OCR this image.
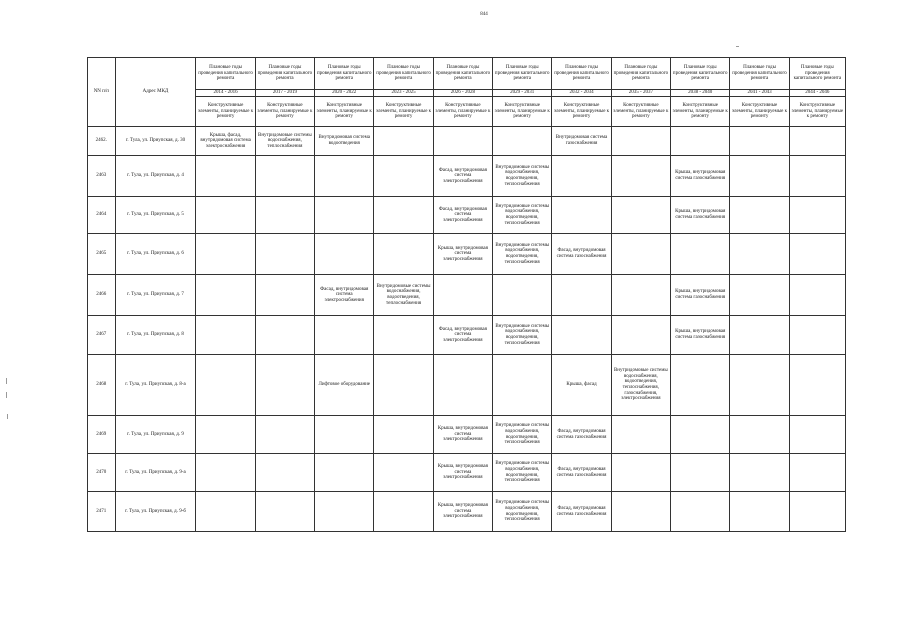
844
NN п/п	Адрес МКД	Плановые годы проведения капитального ремонта	Плановые годы проведения капитального ремонта	Плановые годы проведения капитального ремонта	Плановые годы проведения капитального ремонта	Плановые годы проведения капитального ремонта	Плановые годы проведения капитального ремонта	Плановые годы проведения капитального ремонта	Плановые годы проведения капитального ремонта	Плановые годы проведения капитального ремонта	Плановые годы проведения капитального ремонта	Плановые годы проведения капитального ремонта
		2014 - 2016	2017 - 2019	2020 - 2022	2023 - 2025	2026 - 2028	2029 - 2031	2032 - 2034	2035 - 2037	2038 - 2040	2041 - 2043	2044 - 2046
		Конструктивные элементы, планируемые к ремонту	Конструктивные элементы, планируемые к ремонту	Конструктивные элементы, планируемые к ремонту	Конструктивные элементы, планируемые к ремонту	Конструктивные элементы, планируемые к ремонту	Конструктивные элементы, планируемые к ремонту	Конструктивные элементы, планируемые к ремонту	Конструктивные элементы, планируемые к ремонту	Конструктивные элементы, планируемые к ремонту	Конструктивные элементы, планируемые к ремонту	Конструктивные элементы, планируемые к ремонту
2462.	г. Тула, ул. Приупская, д. 30	Крыша, фасад, внутридомовая система электроснабжения	Внутридомовые системы водоснабжения, теплоснабжения	Внутридомовая система водоотведения				Внутридомовая система газоснабжения				
2463	г. Тула, ул. Приупская, д. 4					Фасад, внутридомовая система электроснабжения	Внутридомовые системы водоснабжения, водоотведения, теплоснабжения			Крыша, внутридомовая система газоснабжения		
2464	г. Тула, ул. Приупская, д. 5					Фасад, внутридомовая система электроснабжения	Внутридомовые системы водоснабжения, водоотведения, теплоснабжения			Крыша, внутридомовая система газоснабжения		
2465	г. Тула, ул. Приупская, д. 6					Крыша, внутридомовая система электроснабжения	Внутридомовые системы водоснабжения, водоотведения, теплоснабжения	Фасад, внутридомовая система газоснабжения				
2466	г. Тула, ул. Приупская, д. 7			Фасад, внутридомовая система электроснабжения	Внутридомовые системы водоснабжения, водоотведения, теплоснабжения					Крыша, внутридомовая система газоснабжения		
2467	г. Тула, ул. Приупская, д. 8					Фасад, внутридомовая система электроснабжения	Внутридомовые системы водоснабжения, водоотведения, теплоснабжения			Крыша, внутридомовая система газоснабжения		
2468	г. Тула, ул. Приупская, д. 8-а			Лифтовое оборудование				Крыша, фасад	Внутридомовые системы водоснабжения, водоотведения, теплоснабжения, газоснабжения, электроснабжения			
2469	г. Тула, ул. Приупская, д. 9					Крыша, внутридомовая система электроснабжения	Внутридомовые системы водоснабжения, водоотведения, теплоснабжения	Фасад, внутридомовая система газоснабжения				
2470	г. Тула, ул. Приупская, д. 9-а					Крыша, внутридомовая система электроснабжения	Внутридомовые системы водоснабжения, водоотведения, теплоснабжения	Фасад, внутридомовая система газоснабжения				
2471	г. Тула, ул. Приупская, д. 9-б					Крыша, внутридомовая система электроснабжения	Внутридомовые системы водоснабжения, водоотведения, теплоснабжения	Фасад, внутридомовая система газоснабжения				
